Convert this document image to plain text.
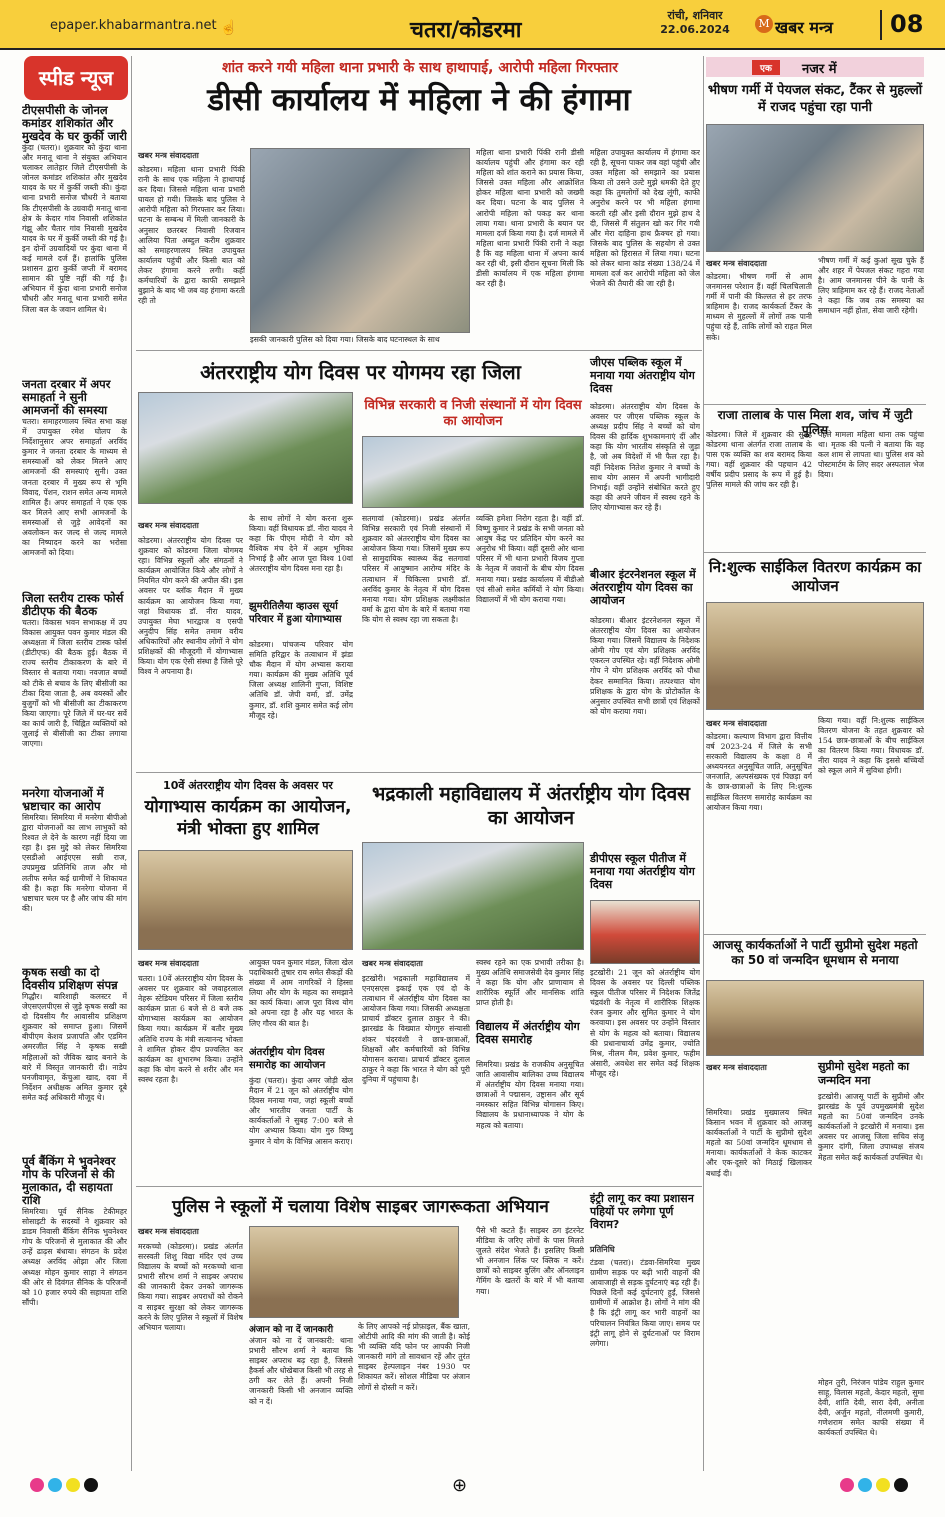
epaper.khabarmantra.net ☝	चतरा/कोडरमा
रांची, शनिवार
22.06.2024	M खबर मन्त्र 08
स्पीड न्यूज
टीएसपीसी के जोनल कमांडर शशिकांत और मुखदेव के घर कुर्की जारी
कुंदा (चतरा)। शुक्रवार को कुंदा थाना और मनातू थाना ने संयुक्त अभियान चलाकर लातेहार जिले टीएसपीसी के जोनल कमांडर शशिकांत और मुखदेव यादव के घर में कुर्की जब्ती की। कुंदा थाना प्रभारी सनोज चौधरी ने बताया कि टीएसपीसी के उग्रवादी मनातू थाना क्षेत्र के केदार गांव निवासी शशिकांत गंझू और चैतार गांव निवासी मुखदेव यादव के घर में कुर्की जब्ती की गई है। इन दोनों उग्रवादियों पर कुंदा थाना में कई मामले दर्ज हैं। हालांकि पुलिस प्रशासन द्वारा कुर्की जप्ती में बरामद सामान की पुष्टि नहीं की गई है। अभियान में कुंदा थाना प्रभारी सनोज चौधरी और मनातू थाना प्रभारी समेत जिला बल के जवान शामिल थे।
जनता दरबार में अपर समाहर्ता ने सुनी आमजनों की समस्या
चतरा। समाहरणालय स्थित सभा कक्ष में उपायुक्त रमेश घोलप के निर्देशानुसार अपर समाहर्ता अरविंद कुमार ने जनता दरबार के माध्यम से समस्याओं को लेकर मिलने आए आमजनों की समस्याएं सुनी। उक्त जनता दरबार में मुख्य रूप से भूमि विवाद, पेंशन, राशन समेत अन्य मामले शामिल हैं। अपर समाहर्ता ने एक एक कर मिलने आए सभी आमजनों के समस्याओं से जुड़े आवेदनों का अवलोकन कर जल्द से जल्द मामले का निष्पादन करने का भरोसा आमजनों को दिया।
जिला स्तरीय टास्क फोर्स डीटीएफ की बैठक
चतरा। विकास भवन सभाकक्ष में उप विकास आयुक्त पवन कुमार मंडल की अध्यक्षता में जिला स्तरीय टास्क फोर्स (डीटीएफ) की बैठक हुई। बैठक में राज्य स्तरीय टीकाकरण के बारे में विस्तार से बताया गया। नवजात बच्चों को टीके से बचाव के लिए बीसीजी का टीका दिया जाता है, अब वयस्कों और बुजुर्गों को भी बीसीजी का टीकाकरण किया जाएगा। पूरे जिले में घर-घर सर्वे का कार्य जारी है, चिह्नित व्यक्तियों को जुलाई से बीसीजी का टीका लगाया जाएगा।
मनरेगा योजनाओं में भ्रष्टाचार का आरोप
सिमरिया। सिमरिया में मनरेगा बीपीओ द्वारा योजनाओं का लाभ लाभुकों को रिश्वत ले देने के कारण नहीं दिया जा रहा है। इस मुद्दे को लेकर सिमरिया एसडीओ आईएएस सन्नी राज, उपप्रमुख प्रतिनिधि ताज और मो लतीफ समेत कई ग्रामीणों ने शिकायत की है। कहा कि मनरेगा योजना में भ्रष्टाचार चरम पर है और जांच की मांग की।
कृषक सखी का दो दिवसीय प्रशिक्षण संपन्न
गिद्धौर। बारिशाही कलस्टर में जेएसएलपीएस से जुड़े कृषक सखी का दो दिवसीय गैर आवासीय प्रशिक्षण शुक्रवार को समाप्त हुआ। जिसमें बीपीएम केशव प्रजापति और एडमिन अमरजीत सिंह ने कृषक सखी महिलाओं को जैविक खाद बनाने के बारे में विस्तृत जानकारी दी। नाडेप घनजीवामृत, केंचुआ खाद, दवा में निर्देशन अधीक्षक अमित कुमार दूबे समेत कई अधिकारी मौजूद थे।
पूर्व बैंकिंग मे भुवनेश्वर गोप के परिजनों से की मुलाकात, दी सहायता राशि
सिमरिया। पूर्व सैनिक टेकीमहर सोसाइटी के सदस्यों ने शुक्रवार को डाडम निवासी बैंकिंग सैनिक भुवनेश्वर गोप के परिजनों से मुलाकात की और उन्हें ढाढ़स बंधाया। संगठन के प्रदेश अध्यक्ष अरविंद ओझा और जिला अध्यक्ष मोहन कुमार साहा ने संगठन की ओर से दिवंगत सैनिक के परिजनों को 10 हजार रुपये की सहायता राशि सौंपी।
शांत करने गयी महिला थाना प्रभारी के साथ हाथापाई, आरोपी महिला गिरफ्तार
डीसी कार्यालय में महिला ने की हंगामा
खबर मन्त्र संवाददाता
कोडरमा। महिला थाना प्रभारी पिंकी रानी के साथ एक महिला ने हाथापाई कर दिया। जिससे महिला थाना प्रभारी घायल हो गयी। जिसके बाद पुलिस ने आरोपी महिला को गिरफ्तार कर लिया। घटना के सम्बन्ध में मिली जानकारी के अनुसार छतरबर निवासी रिजवान आलिया पिता अब्दुल करीम शुक्रवार को समाहरणालय स्थित उपायुक्त कार्यालय पहुंची और किसी बात को लेकर हंगामा करने लगी। कहीं कर्मचारियों के द्वारा काफी समझाने बुझाने के बाद भी जब वह हंगामा करती रही तो
इसकी जानकारी पुलिस को दिया गया। जिसके बाद घटनास्थल के साथ
महिला थाना प्रभारी पिंकी रानी डीसी कार्यालय पहुंची और हंगामा कर रही महिला को शांत कराने का प्रयास किया, जिससे उक्त महिला और आक्रोशित होकर महिला थाना प्रभारी को जख्मी कर दिया। घटना के बाद पुलिस ने आरोपी महिला को पकड़ कर थाना लाया गया। थाना प्रभारी के बयान पर मामला दर्ज किया गया है। दर्ज मामले में महिला थाना प्रभारी पिंकी रानी ने कहा है कि वह महिला थाना में अपना कार्य कर रही थी, इसी दौरान सूचना मिली कि डीसी कार्यालय में एक महिला हंगामा कर रही है।
महिला उपायुक्त कार्यालय में हंगामा कर रही है, सूचना पाकर जब वहां पहुंची और उक्त महिला को समझाने का प्रयास किया तो उसने उल्टे मुझे धमकी देते हुए कहा कि तुमलोगों को देख लूंगी, काफी अनुरोध करने पर भी महिला हंगामा करती रही और इसी दौरान मुझे हाथ दे दी, जिससे मैं संतुलन खो कर गिर गयी और मेरा दाहिना हाथ फ्रैक्चर हो गया। जिसके बाद पुलिस के सहयोग से उक्त महिला को हिरासत में लिया गया। घटना को लेकर थाना कांड संख्या 138/24 में मामला दर्ज कर आरोपी महिला को जेल भेजने की तैयारी की जा रही है।
अंतरराष्ट्रीय योग दिवस पर योगमय रहा जिला
विभिन्न सरकारी व निजी संस्थानों में योग दिवस का आयोजन
खबर मन्त्र संवाददाता
कोडरमा। अंतरराष्ट्रीय योग दिवस पर शुक्रवार को कोडरमा जिला योगमय रहा। विभिन्न स्कूलों और संगठनों ने कार्यक्रम आयोजित किये और लोगों ने नियमित योग करने की अपील की। इस अवसर पर ब्लॉक मैदान में मुख्य कार्यक्रम का आयोजन किया गया, जहां विधायक डॉ. नीरा यादव, उपायुक्त मेघा भारद्वाज व एसपी अनुदीप सिंह समेत तमाम वरीय अधिकारियों और स्थानीय लोगों ने योग प्रशिक्षकों की मौजूदगी में योगाभ्यास किया। योग एक ऐसी संस्था है जिसे पूरे विश्व ने अपनाया है।
के साथ लोगों ने योग करना शुरू किया। वहीं विधायक डॉ. नीरा यादव ने कहा कि पीएम मोदी ने योग को वैश्विक मंच देने में अहम भूमिका निभाई है और आज पूरा विश्व 10वां अंतरराष्ट्रीय योग दिवस मना रहा है।
झुमरीतिलैया व्हाउस सूर्या परिवार में हुआ योगाभ्यास
कोडरमा। पांचजन्य परिवार योग समिति हरिद्वार के तत्वाधान में झंडा चौक मैदान में योग अभ्यास कराया गया। कार्यक्रम की मुख्य अतिथि पूर्व जिला अध्यक्ष शालिनी गुप्ता, विशिष्ट अतिथि डॉ. जेपी वर्मा, डॉ. उमेंद्र कुमार, डॉ. शशि कुमार समेत कई लोग मौजूद रहे।
सतगावां (कोडरमा)। प्रखंड अंतर्गत विभिन्न सरकारी एवं निजी संस्थानों में शुक्रवार को अंतरराष्ट्रीय योग दिवस का आयोजन किया गया। जिसमें मुख्य रूप से सामुदायिक स्वास्थ्य केंद्र सतगावां परिसर में आयुष्मान आरोग्य मंदिर के तत्वाधान में चिकित्सा प्रभारी डॉ. अरविंद कुमार के नेतृत्व में योग दिवस मनाया गया। योग प्रशिक्षक लक्ष्मीकांत वर्मा के द्वारा योग के बारे में बताया गया कि योग से स्वस्थ रहा जा सकता है।
व्यक्ति हमेशा निरोग रहता है। वहीं डॉ. विष्णु कुमार ने प्रखंड के सभी जनता को आयुष केंद्र पर प्रतिदिन योग करने का अनुरोध भी किया। वहीं दूसरी ओर थाना परिसर में भी थाना प्रभारी विजय गुप्ता के नेतृत्व में जवानों के बीच योग दिवस मनाया गया। प्रखंड कार्यालय में बीडीओ एवं सीओ समेत कर्मियों ने योग किया। विद्यालयों में भी योग कराया गया।
जीएस पब्लिक स्कूल में मनाया गया अंतराष्ट्रीय योग दिवस
कोडरमा। अंतरराष्ट्रीय योग दिवस के अवसर पर जीएस पब्लिक स्कूल के अध्यक्ष प्रदीप सिंह ने बच्चों को योग दिवस की हार्दिक शुभकामनाएं दीं और कहा कि योग भारतीय संस्कृति से जुड़ा है, जो अब विदेशों में भी फैल रहा है। वहीं निदेशक नितेश कुमार ने बच्चों के साथ योग आसन में अपनी भागीदारी निभाई। वहीं उन्होंने संबोधित करते हुए कहा की अपने जीवन में स्वस्थ रहने के लिए योगाभ्यास कर रहे हैं।
बीआर इंटरनेशनल स्कूल में अंतरराष्ट्रीय योग दिवस का आयोजन
कोडरमा। बीआर इंटरनेशनल स्कूल में अंतरराष्ट्रीय योग दिवस का आयोजन किया गया। जिसमें विद्यालय के निदेशक ओमी गोप एवं योग प्रशिक्षक अरविंद एकरत्न उपस्थित रहे। वहीं निदेशक ओमी गोप ने योग प्रशिक्षक अरविंद को पौधा देकर सम्मानित किया। तत्पश्चात योग प्रशिक्षक के द्वारा योग के प्रोटोकॉल के अनुसार उपस्थित सभी छात्रों एवं शिक्षकों को योग कराया गया।
10वें अंतरराष्ट्रीय योग दिवस के अवसर पर
योगाभ्यास कार्यक्रम का आयोजन, मंत्री भोक्ता हुए शामिल
खबर मन्त्र संवाददाता
चतरा। 10वें अंतरराष्ट्रीय योग दिवस के अवसर पर शुक्रवार को जवाहरलाल नेहरू स्टेडियम परिसर में जिला स्तरीय कार्यक्रम प्रातः 6 बजे से 8 बजे तक योगाभ्यास कार्यक्रम का आयोजन किया गया। कार्यक्रम में बतौर मुख्य अतिथि राज्य के मंत्री सत्यानन्द भोक्ता ने शामिल होकर दीप प्रज्वलित कर कार्यक्रम का शुभारम्भ किया। उन्होंने कहा कि योग करने से शरीर और मन स्वस्थ रहता है।
आयुक्त पवन कुमार मंडल, जिला खेल पदाधिकारी तुषार राय समेत सैकड़ों की संख्या में आम नागरिकों ने हिस्सा लिया और योग के महत्व का समझाने का कार्य किया। आज पूरा विश्व योग को अपना रहा है और यह भारत के लिए गौरव की बात है।
अंतर्राष्ट्रीय योग दिवस समारोह का आयोजन
कुंदा (चतरा)। कुंदा अमर जोड़ी खेल मैदान में 21 जून को अंतर्राष्ट्रीय योग दिवस मनाया गया, जहां स्कूली बच्चों और भारतीय जनता पार्टी के कार्यकर्ताओं ने सुबह 7:00 बजे से योग अभ्यास किया। योग गुरु विष्णु कुमार ने योग के विभिन्न आसन कराए।
भद्रकाली महाविद्यालय में अंतर्राष्ट्रीय योग दिवस का आयोजन
खबर मन्त्र संवाददाता
इटखोरी। भद्रकाली महाविद्यालय में एनएसएस इकाई एक एवं दो के तत्वाधान में अंतर्राष्ट्रीय योग दिवस का आयोजन किया गया। जिसकी अध्यक्षता प्राचार्य डॉक्टर दुलाल ठाकुर ने की। झारखंड के विख्यात योगगुरु संन्यासी शंकर चंदरवंशी ने छात्र-छात्राओं, शिक्षकों और कर्मचारियों को विभिन्न योगासन कराया। प्राचार्य डॉक्टर दुलाल ठाकुर ने कहा कि भारत ने योग को पूरी दुनिया में पहुंचाया है।
स्वस्थ रहने का एक प्रभावी तरीका है। मुख्य अतिथि समाजसेवी देव कुमार सिंह ने कहा कि योग और प्राणायाम से शारीरिक स्फूर्ति और मानसिक शांति प्राप्त होती है।
विद्यालय में अंतर्राष्ट्रीय योग दिवस समारोह
सिमरिया। प्रखंड के राजकीय अनुसूचित जाति आवासीय बालिका उच्च विद्यालय में अंतर्राष्ट्रीय योग दिवस मनाया गया। छात्राओं ने पद्मासन, उष्ट्रासन और सूर्य नमस्कार सहित विभिन्न योगासन किए। विद्यालय के प्रधानाध्यापक ने योग के महत्व को बताया।
डीपीएस स्कूल पीतीज में मनाया गया अंतर्राष्ट्रीय योग दिवस
इटखोरी। 21 जून को अंतर्राष्ट्रीय योग दिवस के अवसर पर दिल्ली पब्लिक स्कूल पीतीज परिसर में निदेशक जितेंद्र चंद्रवंशी के नेतृत्व में शारीरिक शिक्षक रंजन कुमार और सुमित कुमार ने योग करवाया। इस अवसर पर उन्होंने विस्तार से योग के महत्व को बताया। विद्यालय की प्रधानाचार्या उमेंद्र कुमार, ज्योति मिश्र, नीलम मैम, प्रवेश कुमार, फहीम अंसारी, अवधेश सर समेत कई शिक्षक मौजूद रहे।
पुलिस ने स्कूलों में चलाया विशेष साइबर जागरूकता अभियान
खबर मन्त्र संवाददाता
मरकच्चो (कोडरमा)। प्रखंड अंतर्गत सरस्वती शिशु विद्या मंदिर एवं उच्च विद्यालय के बच्चों को मरकच्चो थाना प्रभारी सौरभ शर्मा ने साइबर अपराध की जानकारी देकर उनको जागरूक किया गया। साइबर अपराधों को रोकने व साइबर सुरक्षा को लेकर जागरूक करने के लिए पुलिस ने स्कूलों में विशेष अभियान चलाया।	अंजान को ना दें जानकारी
अंजान को ना दें जानकारी: थाना प्रभारी सौरभ शर्मा ने बताया कि साइबर अपराध बढ़ रहा है, जिससे हैकर्स और धोखेबाज किसी भी तरह से ठगी कर लेते हैं। अपनी निजी जानकारी किसी भी अनजान व्यक्ति को न दें।
के लिए आपको नई प्रोफ़ाइल, बैंक खाता, ओटीपी आदि की मांग की जाती है। कोई भी व्यक्ति यदि फोन पर आपकी निजी जानकारी मांगे तो सावधान रहें और तुरंत साइबर हेल्पलाइन नंबर 1930 पर शिकायत करें। सोशल मीडिया पर अंजान लोगों से दोस्ती न करें।
पैसे भी कटते हैं। साइबर ठग इंटरनेट मीडिया के जरिए लोगों के पास मिलते जुलते संदेश भेजते हैं। इसलिए किसी भी अनजान लिंक पर क्लिक न करें। छात्रों को साइबर बुलिंग और ऑनलाइन गेमिंग के खतरों के बारे में भी बताया गया।
इंट्री लागू कर क्या प्रशासन पहियों पर लगेगा पूर्ण विराम?
प्रतिनिधि
टंडवा (चतरा)। टंडवा-सिमरिया मुख्य ग्रामीण सड़क पर बढ़ी भारी वाहनों की आवाजाही से सड़क दुर्घटनाएं बढ़ रही हैं। पिछले दिनों कई दुर्घटनाएं हुईं, जिससे ग्रामीणों में आक्रोश है। लोगों ने मांग की है कि इंट्री लागू कर भारी वाहनों का परिचालन नियंत्रित किया जाए। समय पर इंट्री लागू होने से दुर्घटनाओं पर विराम लगेगा।
एक	नजर में
भीषण गर्मी में पेयजल संकट, टैंकर से मुहल्लों में राजद पहुंचा रहा पानी
खबर मन्त्र संवाददाता
कोडरमा। भीषण गर्मी से आम जनमानस परेशान हैं। वहीं चिलचिलाती गर्मी में पानी की किल्लत से हर तरफ त्राहिमाम है। राजद कार्यकर्ता टैंकर के माध्यम से मुहल्लों में लोगों तक पानी पहुंचा रहे हैं, ताकि लोगों को राहत मिल सके।
भीषण गर्मी में कई कुआं सूख चुके हैं और शहर में पेयजल संकट गहरा गया है। आम जनमानस पीने के पानी के लिए त्राहिमाम कर रहे हैं। राजद नेताओं ने कहा कि जब तक समस्या का समाधान नहीं होता, सेवा जारी रहेगी।
राजा तालाब के पास मिला शव, जांच में जुटी पुलिस
कोडरमा। जिले में शुक्रवार की सुबह कोडरमा थाना अंतर्गत राजा तालाब के पास एक व्यक्ति का शव बरामद किया गया। वहीं शुक्रवार की पहचान 42 वर्षीय प्रदीप प्रसाद के रूप में हुई है। पुलिस मामले की जांच कर रही है।
पहले मामला महिला थाना तक पहुंचा था। मृतक की पत्नी ने बताया कि वह कल शाम से लापता था। पुलिस शव को पोस्टमार्टम के लिए सदर अस्पताल भेज दिया।
नि:शुल्क साईकिल वितरण कार्यक्रम का आयोजन
खबर मन्त्र संवाददाता
कोडरमा। कल्याण विभाग द्वारा वित्तीय वर्ष 2023-24 में जिले के सभी सरकारी विद्यालय के कक्षा 8 में अध्ययनरत अनुसूचित जाति, अनुसूचित जनजाति, अल्पसंख्यक एवं पिछड़ा वर्ग के छात्र-छात्राओं के लिए नि:शुल्क साईकिल वितरण समारोह कार्यक्रम का आयोजन किया गया।
किया गया। वहीं नि:शुल्क साईकिल वितरण योजना के तहत शुक्रवार को 154 छात्र-छात्राओं के बीच साईकिल का वितरण किया गया। विधायक डॉ. नीरा यादव ने कहा कि इससे बच्चियों को स्कूल आने में सुविधा होगी।
आजसू कार्यकर्ताओं ने पार्टी सुप्रीमो सुदेश महतो का 50 वां जन्मदिन धूमधाम से मनाया
खबर मन्त्र संवाददाता
सिमरिया। प्रखंड मुख्यालय स्थित किसान भवन में शुक्रवार को आजसू कार्यकर्ताओं ने पार्टी के सुप्रीमो सुदेश महतो का 50वां जन्मदिन धूमधाम से मनाया। कार्यकर्ताओं ने केक काटकर और एक-दूसरे को मिठाई खिलाकर बधाई दी।
सुप्रीमो सुदेश महतो का जन्मदिन मना
इटखोरी। आजसू पार्टी के सुप्रीमो और झारखंड के पूर्व उपमुख्यमंत्री सुदेश महतो का 50वां जन्मदिन उनके कार्यकर्ताओं ने इटखोरी में मनाया। इस अवसर पर आजसू जिला सचिव संजू कुमार दांगी, जिला उपाध्यक्ष संजय मेहता समेत कई कार्यकर्ता उपस्थित थे।
मोहन तुरी, निरंजन पांडेय राहुल कुमार साहू, विलास महतो, केदार महतो, सुमा देवी, शांति देवी, सारा देवी, अनीता देवी, अर्जुन महतो, नीलमणी कुमारी, गणेशराम समेत काफी संख्या में कार्यकर्ता उपस्थित थे।
⊕
